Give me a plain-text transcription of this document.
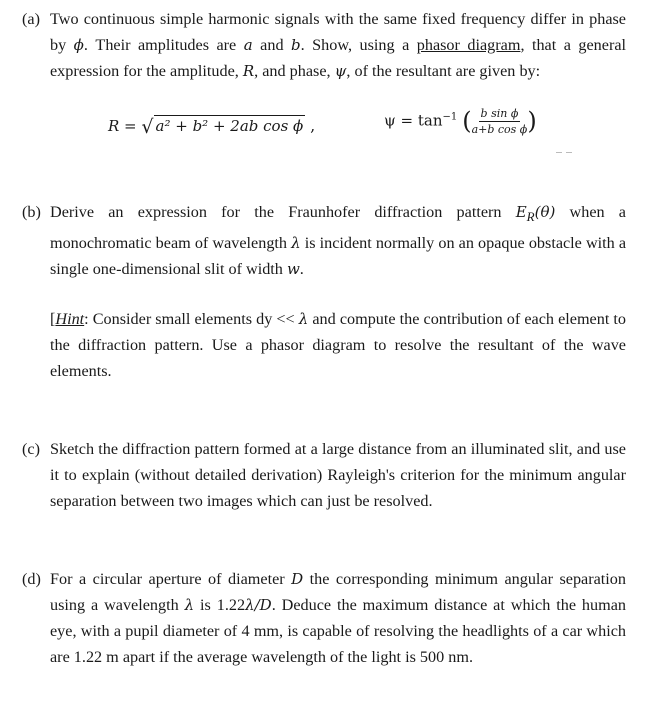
(a) Two continuous simple harmonic signals with the same fixed frequency differ in phase by ϕ. Their amplitudes are a and b. Show, using a phasor diagram, that a general expression for the amplitude, R, and phase, ψ, of the resultant are given by:
R = √ a² + b² + 2ab cos ϕ ,	$\psi = \tan^{-1}$ ( $\frac{\text{b sin ϕ}}{\text{a+b cos ϕ}}$ )
(b) Derive an expression for the Fraunhofer diffraction pattern $E_R(\theta)$ when a monochromatic beam of wavelength λ is incident normally on an opaque obstacle with a single one-dimensional slit of width w.
[Hint: Consider small elements dy << λ and compute the contribution of each element to the diffraction pattern. Use a phasor diagram to resolve the resultant of the wave elements.
(c) Sketch the diffraction pattern formed at a large distance from an illuminated slit, and use it to explain (without detailed derivation) Rayleigh's criterion for the minimum angular separation between two images which can just be resolved.
(d) For a circular aperture of diameter D the corresponding minimum angular separation using a wavelength λ is 1.22λ/D. Deduce the maximum distance at which the human eye, with a pupil diameter of 4 mm, is capable of resolving the headlights of a car which are 1.22 m apart if the average wavelength of the light is 500 nm.
